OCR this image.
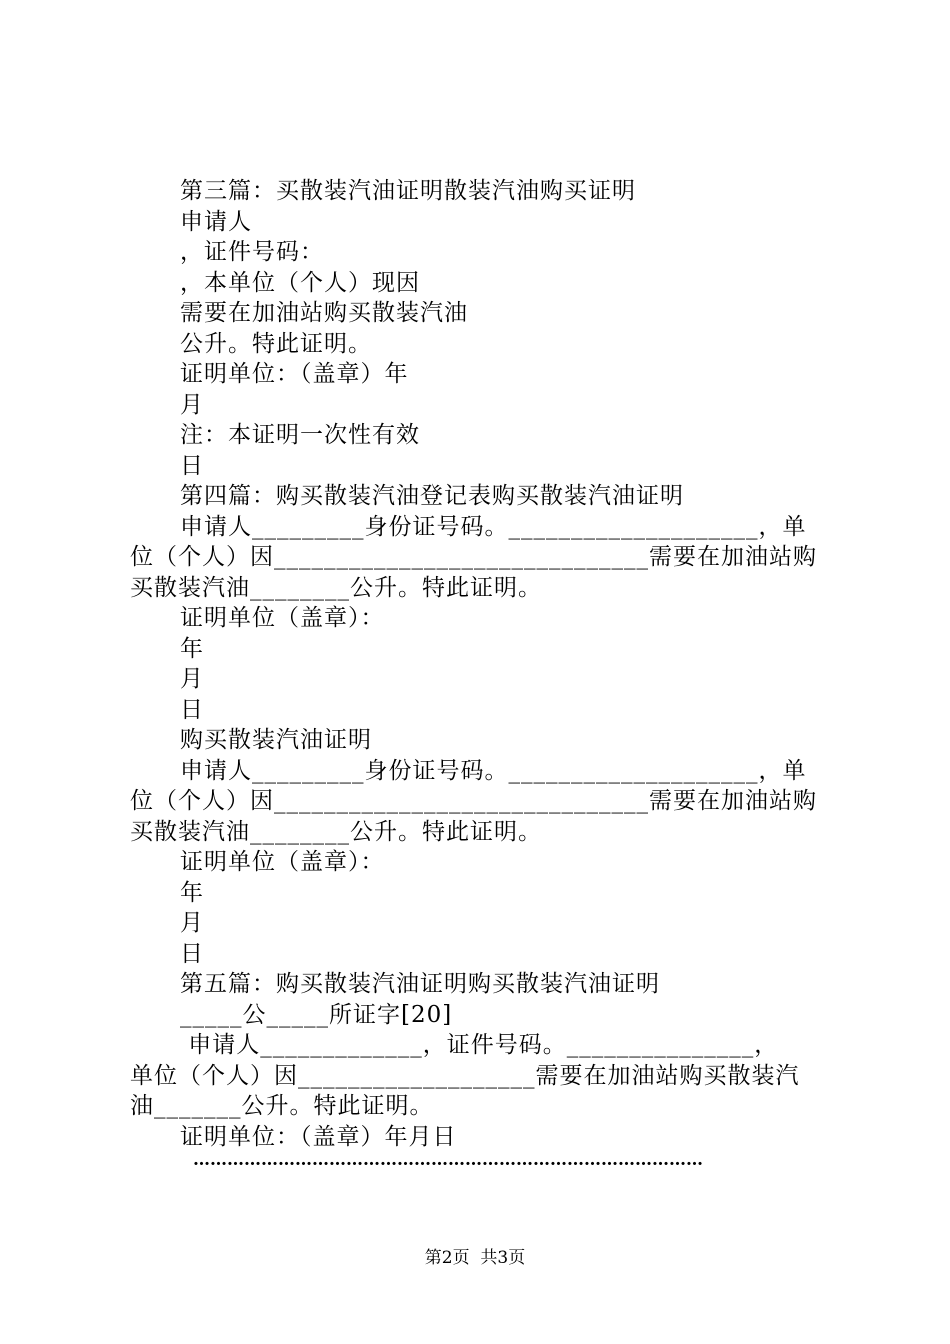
第三篇：买散装汽油证明散装汽油购买证明
申请人
，证件号码：
，本单位（个人）现因
需要在加油站购买散装汽油
公升。特此证明。
证明单位：（盖章）年
月
注：本证明一次性有效
日
第四篇：购买散装汽油登记表购买散装汽油证明
申请人_________身份证号码。____________________，单
位（个人）因______________________________需要在加油站购
买散装汽油________公升。特此证明。
证明单位（盖章）：
年
月
日
购买散装汽油证明
申请人_________身份证号码。____________________，单
位（个人）因______________________________需要在加油站购
买散装汽油________公升。特此证明。
证明单位（盖章）：
年
月
日
第五篇：购买散装汽油证明购买散装汽油证明
_____公_____所证字[20]
申请人_____________，证件号码。_______________，
单位（个人）因___________________需要在加油站购买散装汽
油_______公升。特此证明。
证明单位：（盖章）年月日
………………………………………………………………………………
第2页  共3页
